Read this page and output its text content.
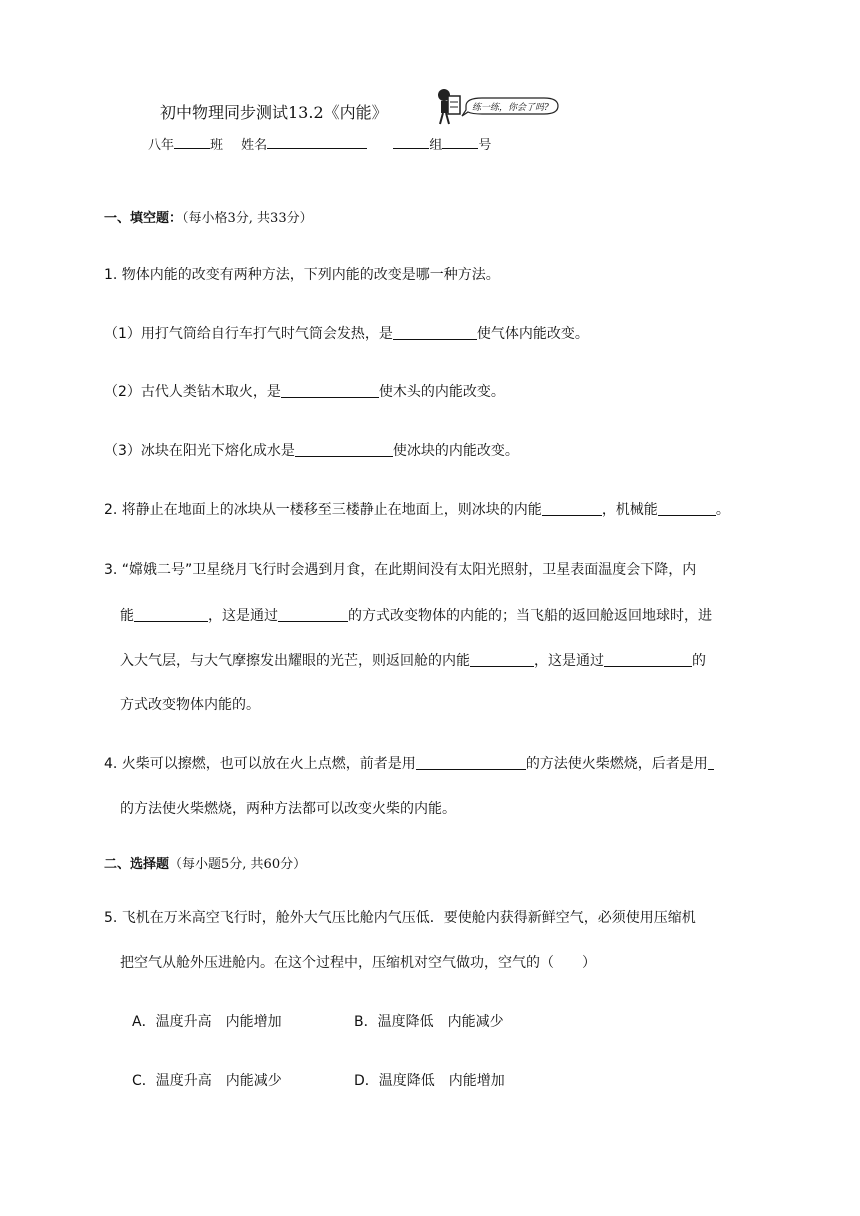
初中物理同步测试13.2《内能》	练一练，你会了吗?
八年	班 姓名	组	号
一、填空题：（每小格3分, 共33分）
1. 物体内能的改变有两种方法，下列内能的改变是哪一种方法。
（1）用打气筒给自行车打气时气筒会发热，是	使气体内能改变。
（2）古代人类钻木取火，是	使木头的内能改变。
（3）冰块在阳光下熔化成水是	使冰块的内能改变。
2. 将静止在地面上的冰块从一楼移至三楼静止在地面上，则冰块的内能	，机械能	。
3. “嫦娥二号”卫星绕月飞行时会遇到月食，在此期间没有太阳光照射，卫星表面温度会下降，内
能	，这是通过	的方式改变物体的内能的；当飞船的返回舱返回地球时，进
入大气层，与大气摩擦发出耀眼的光芒，则返回舱的内能	，这是通过	的
方式改变物体内能的。
4. 火柴可以擦燃，也可以放在火上点燃，前者是用	的方法使火柴燃烧，后者是用
的方法使火柴燃烧，两种方法都可以改变火柴的内能。
二、选择题（每小题5分, 共60分）
5. 飞机在万米高空飞行时，舱外大气压比舱内气压低．要使舱内获得新鲜空气，必须使用压缩机
把空气从舱外压进舱内。在这个过程中，压缩机对空气做功，空气的（　　）
A．温度升高　内能增加	B．温度降低　内能减少
C．温度升高　内能减少	D．温度降低　内能增加
